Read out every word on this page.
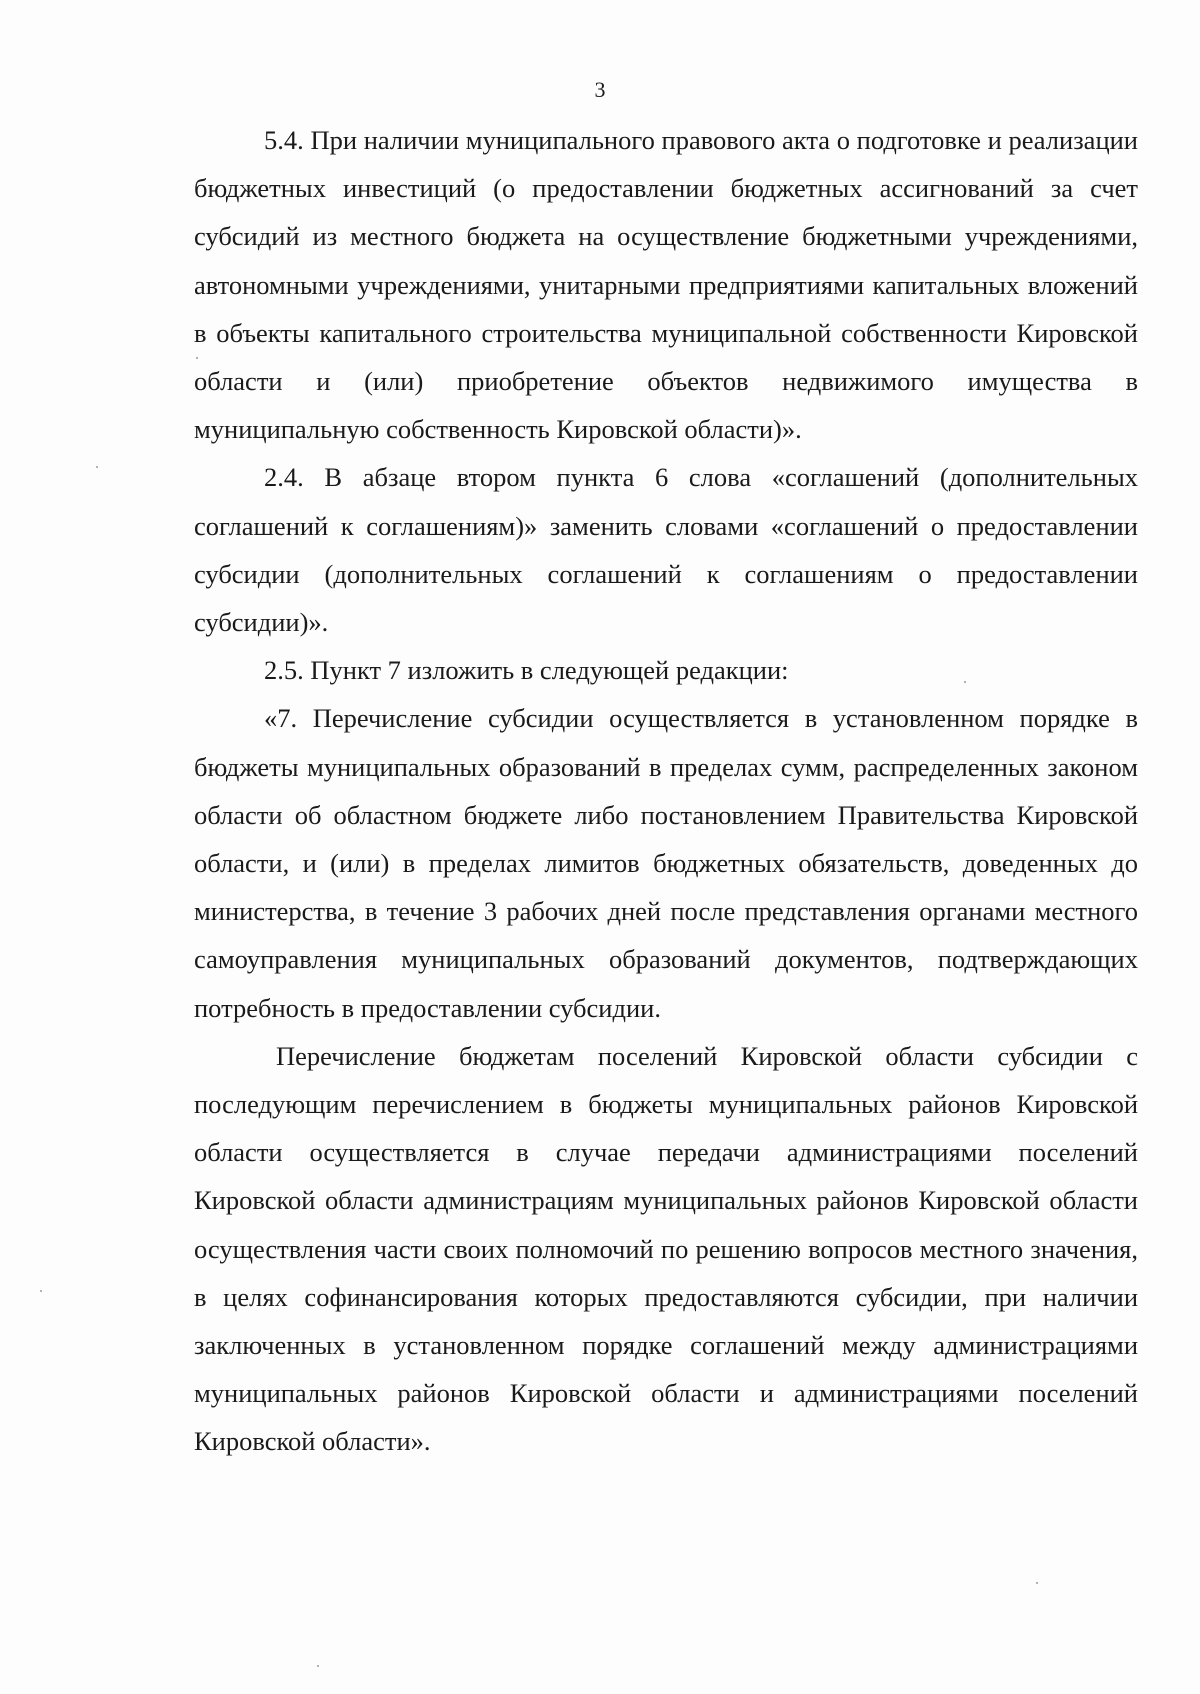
3

5.4. При наличии муниципального правового акта о подготовке и реализации бюджетных инвестиций (о предоставлении бюджетных ассигнований за счет субсидий из местного бюджета на осуществление бюджетными учреждениями, автономными учреждениями, унитарными предприятиями капитальных вложений в объекты капитального строительства муниципальной собственности Кировской области и (или) приобретение объектов недвижимого имущества в муниципальную собственность Кировской области)».

2.4. В абзаце втором пункта 6 слова «соглашений (дополнительных соглашений к соглашениям)» заменить словами «соглашений о предоставлении субсидии (дополнительных соглашений к соглашениям о предоставлении субсидии)».

2.5. Пункт 7 изложить в следующей редакции:

«7. Перечисление субсидии осуществляется в установленном порядке в бюджеты муниципальных образований в пределах сумм, распределенных законом области об областном бюджете либо постановлением Правительства Кировской области, и (или) в пределах лимитов бюджетных обязательств, доведенных до министерства, в течение 3 рабочих дней после представления органами местного самоуправления муниципальных образований документов, подтверждающих потребность в предоставлении субсидии.

Перечисление бюджетам поселений Кировской области субсидии с последующим перечислением в бюджеты муниципальных районов Кировской области осуществляется в случае передачи администрациями поселений Кировской области администрациям муниципальных районов Кировской области осуществления части своих полномочий по решению вопросов местного значения, в целях софинансирования которых предоставляются субсидии, при наличии заключенных в установленном порядке соглашений между администрациями муниципальных районов Кировской области и администрациями поселений Кировской области».
